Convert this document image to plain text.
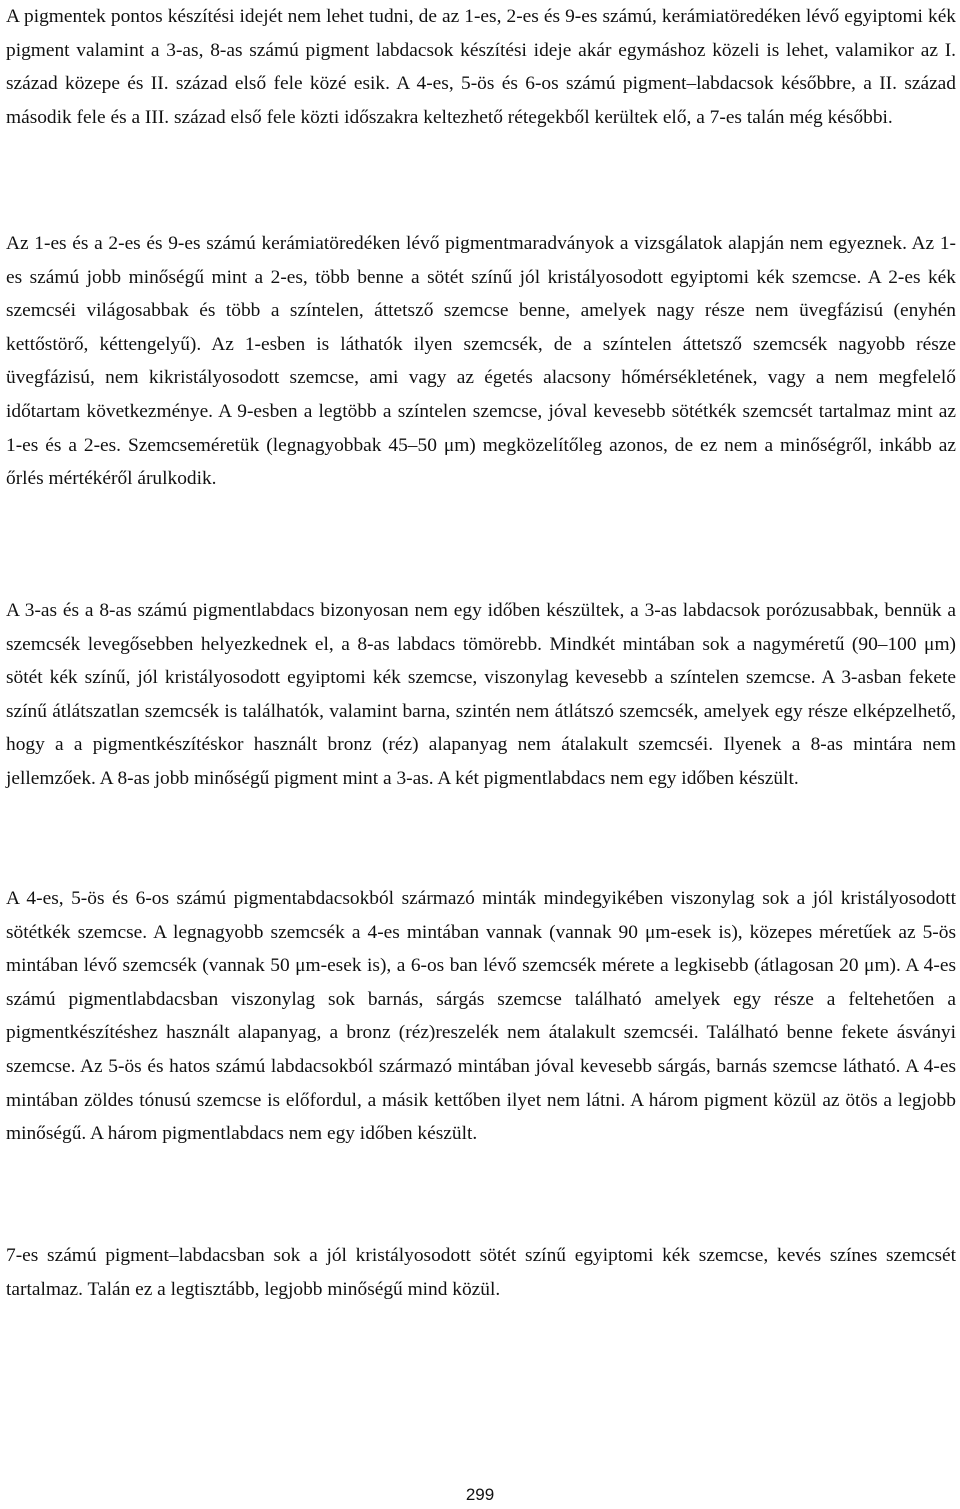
A pigmentek pontos készítési idejét nem lehet tudni, de az 1-es, 2-es és 9-es számú, kerámiatöredéken lévő egyiptomi kék pigment valamint a 3-as, 8-as számú pigment labdacsok készítési ideje akár egymáshoz közeli is lehet, valamikor az I. század közepe és II. század első fele közé esik. A 4-es, 5-ös és 6-os számú pigment–labdacsok későbbre, a II. század második fele és a III. század első fele közti időszakra keltezhető rétegekből kerültek elő, a 7-es talán még későbbi.

Az 1-es és a 2-es és 9-es számú kerámiatöredéken lévő pigmentmaradványok a vizsgálatok alapján nem egyeznek. Az 1-es számú jobb minőségű mint a 2-es, több benne a sötét színű jól kristályosodott egyiptomi kék szemcse. A 2-es kék szemcséi világosabbak és több a színtelen, áttetsző szemcse benne, amelyek nagy része nem üvegfázisú (enyhén kettőstörő, kéttengelyű). Az 1-esben is láthatók ilyen szemcsék, de a színtelen áttetsző szemcsék nagyobb része üvegfázisú, nem kikristályosodott szemcse, ami vagy az égetés alacsony hőmérsékletének, vagy a nem megfelelő időtartam következménye. A 9-esben a legtöbb a színtelen szemcse, jóval kevesebb sötétkék szemcsét tartalmaz mint az 1-es és a 2-es. Szemcseméretük (legnagyobbak 45–50 μm) megközelítőleg azonos, de ez nem a minőségről, inkább az őrlés mértékéről árulkodik.

A 3-as és a 8-as számú pigmentlabdacs bizonyosan nem egy időben készültek, a 3-as labdacsok porózusabbak, bennük a szemcsék levegősebben helyezkednek el, a 8-as labdacs tömörebb. Mindkét mintában sok a nagyméretű (90–100 μm) sötét kék színű, jól kristályosodott egyiptomi kék szemcse, viszonylag kevesebb a színtelen szemcse. A 3-asban fekete színű átlátszatlan szemcsék is találhatók, valamint barna, szintén nem átlátszó szemcsék, amelyek egy része elképzelhető, hogy a a pigmentkészítéskor használt bronz (réz) alapanyag nem átalakult szemcséi. Ilyenek a 8-as mintára nem jellemzőek. A 8-as jobb minőségű pigment mint a 3-as. A két pigmentlabdacs nem egy időben készült.

A 4-es, 5-ös és 6-os számú pigmentabdacsokból származó minták mindegyikében viszonylag sok a jól kristályosodott sötétkék szemcse. A legnagyobb szemcsék a 4-es mintában vannak (vannak 90 μm-esek is), közepes méretűek az 5-ös mintában lévő szemcsék (vannak 50 μm-esek is), a 6-os ban lévő szemcsék mérete a legkisebb (átlagosan 20 μm). A 4-es számú pigmentlabdacsban viszonylag sok barnás, sárgás szemcse található amelyek egy része a feltehetően a pigmentkészítéshez használt alapanyag, a bronz (réz)reszelék nem átalakult szemcséi. Található benne fekete ásványi szemcse. Az 5-ös és hatos számú labdacsokból származó mintában jóval kevesebb sárgás, barnás szemcse látható. A 4-es mintában zöldes tónusú szemcse is előfordul, a másik kettőben ilyet nem látni. A három pigment közül az ötös a legjobb minőségű. A három pigmentlabdacs nem egy időben készült.

7-es számú pigment–labdacsban sok a jól kristályosodott sötét színű egyiptomi kék szemcse, kevés színes szemcsét tartalmaz. Talán ez a legtisztább, legjobb minőségű mind közül.

299
